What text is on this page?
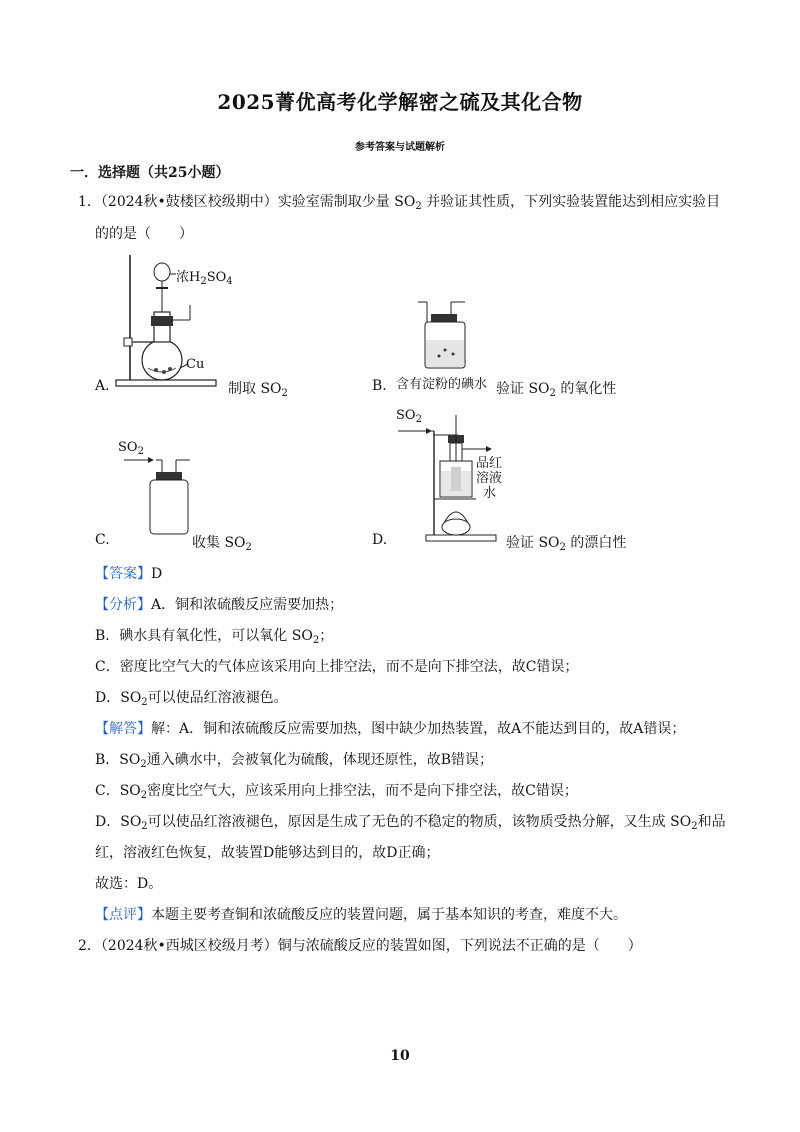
2025菁优高考化学解密之硫及其化合物
参考答案与试题解析
一．选择题（共25小题）
1．（2024秋•鼓楼区校级期中）实验室需制取少量 $SO_2$ 并验证其性质，下列实验装置能达到相应实验目
的的是（　　）
浓$H_2SO_4$
Cu
A.	制取 $SO_2$
含有淀粉的碘水
B.	验证 $SO_2$ 的氧化性
$SO_2$
C.	收集 $SO_2$
$SO_2$
品红
溶液
水
D.	验证 $SO_2$ 的漂白性
【答案】D
【分析】A．铜和浓硫酸反应需要加热；
B．碘水具有氧化性，可以氧化 $SO_2$；
C．密度比空气大的气体应该采用向上排空法，而不是向下排空法，故C错误；
D．$SO_2$可以使品红溶液褪色。
【解答】解：A．铜和浓硫酸反应需要加热，图中缺少加热装置，故A不能达到目的，故A错误；
B．$SO_2$通入碘水中，会被氧化为硫酸，体现还原性，故B错误；
C．$SO_2$密度比空气大，应该采用向上排空法，而不是向下排空法，故C错误；
D．$SO_2$可以使品红溶液褪色，原因是生成了无色的不稳定的物质，该物质受热分解，又生成 $SO_2$和品
红，溶液红色恢复，故装置D能够达到目的，故D正确；
故选：D。
【点评】本题主要考查铜和浓硫酸反应的装置问题，属于基本知识的考查，难度不大。
2．（2024秋•西城区校级月考）铜与浓硫酸反应的装置如图，下列说法不正确的是（　　）
10
